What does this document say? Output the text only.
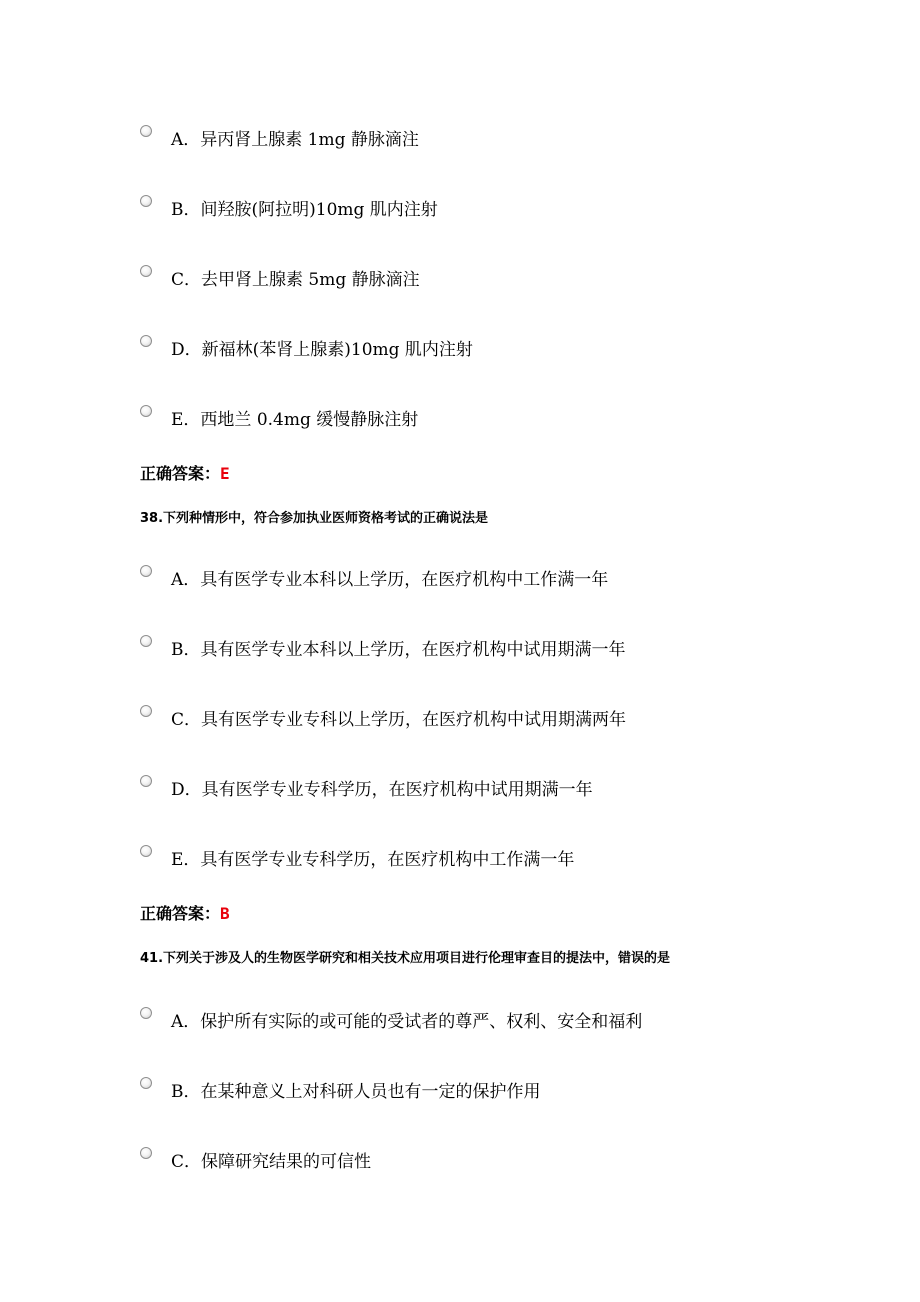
A．异丙肾上腺素 1mg 静脉滴注
B．间羟胺(阿拉明)10mg 肌内注射
C．去甲肾上腺素 5mg 静脉滴注
D．新福林(苯肾上腺素)10mg 肌内注射
E．西地兰 0.4mg 缓慢静脉注射
正确答案：E
38.下列种情形中，符合参加执业医师资格考试的正确说法是
A．具有医学专业本科以上学历，在医疗机构中工作满一年
B．具有医学专业本科以上学历，在医疗机构中试用期满一年
C．具有医学专业专科以上学历，在医疗机构中试用期满两年
D．具有医学专业专科学历，在医疗机构中试用期满一年
E．具有医学专业专科学历，在医疗机构中工作满一年
正确答案：B
41.下列关于涉及人的生物医学研究和相关技术应用项目进行伦理审查目的提法中，错误的是
A．保护所有实际的或可能的受试者的尊严、权利、安全和福利
B．在某种意义上对科研人员也有一定的保护作用
C．保障研究结果的可信性
